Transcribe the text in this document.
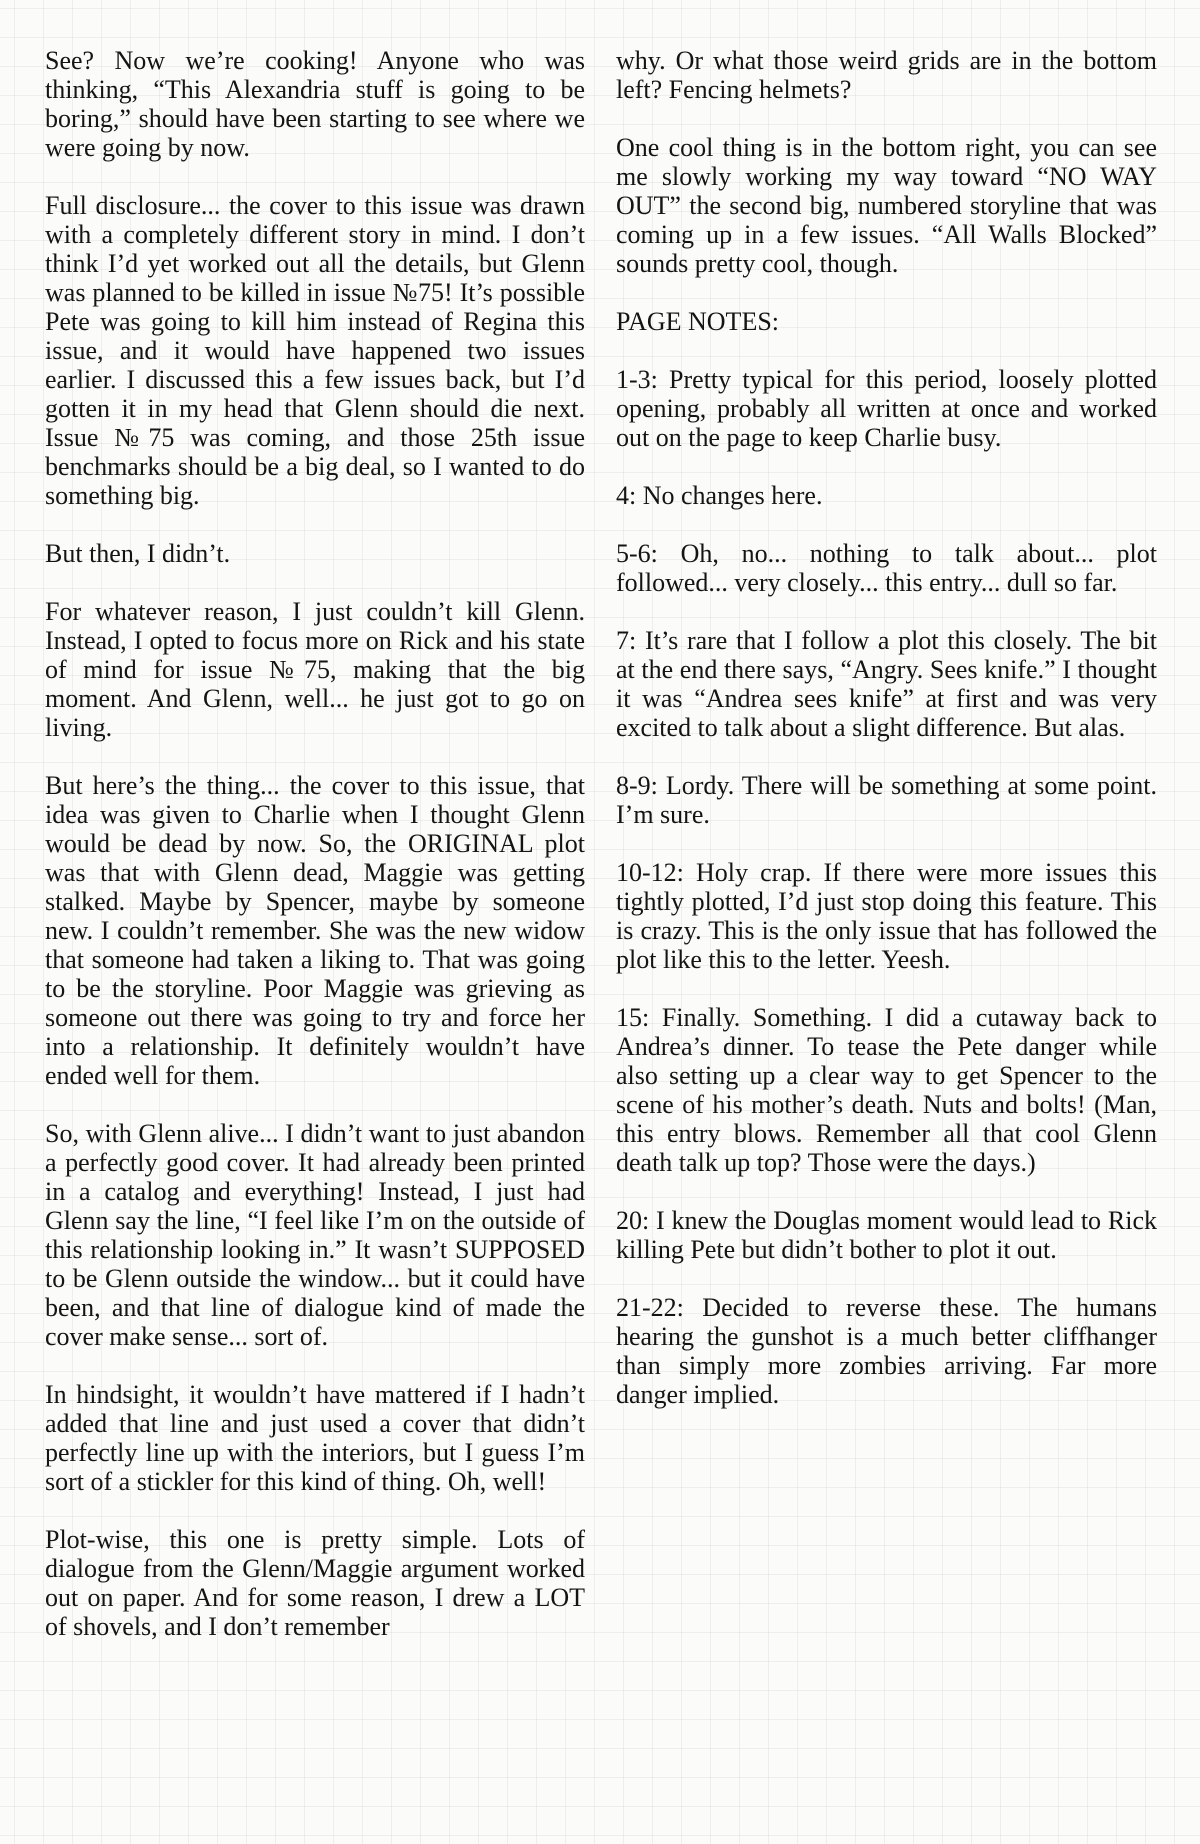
See? Now we’re cooking! Anyone who was thinking, “This Alexandria stuff is going to be boring,” should have been starting to see where we were going by now.

Full disclosure... the cover to this issue was drawn with a completely different story in mind. I don’t think I’d yet worked out all the details, but Glenn was planned to be killed in issue №75! It’s possible Pete was going to kill him instead of Regina this issue, and it would have happened two issues earlier. I discussed this a few issues back, but I’d gotten it in my head that Glenn should die next. Issue №75 was coming, and those 25th issue benchmarks should be a big deal, so I wanted to do something big.

But then, I didn’t.

For whatever reason, I just couldn’t kill Glenn. Instead, I opted to focus more on Rick and his state of mind for issue №75, making that the big moment. And Glenn, well... he just got to go on living.

But here’s the thing... the cover to this issue, that idea was given to Charlie when I thought Glenn would be dead by now. So, the ORIGINAL plot was that with Glenn dead, Maggie was getting stalked. Maybe by Spencer, maybe by someone new. I couldn’t remember. She was the new widow that someone had taken a liking to. That was going to be the storyline. Poor Maggie was grieving as someone out there was going to try and force her into a relationship. It definitely wouldn’t have ended well for them.

So, with Glenn alive... I didn’t want to just abandon a perfectly good cover. It had already been printed in a catalog and everything! Instead, I just had Glenn say the line, “I feel like I’m on the outside of this relationship looking in.” It wasn’t SUPPOSED to be Glenn outside the window... but it could have been, and that line of dialogue kind of made the cover make sense... sort of.

In hindsight, it wouldn’t have mattered if I hadn’t added that line and just used a cover that didn’t perfectly line up with the interiors, but I guess I’m sort of a stickler for this kind of thing. Oh, well!

Plot-wise, this one is pretty simple. Lots of dialogue from the Glenn/Maggie argument worked out on paper. And for some reason, I drew a LOT of shovels, and I don’t remember

why. Or what those weird grids are in the bottom left? Fencing helmets?

One cool thing is in the bottom right, you can see me slowly working my way toward “NO WAY OUT” the second big, numbered storyline that was coming up in a few issues. “All Walls Blocked” sounds pretty cool, though.

PAGE NOTES:

1-3: Pretty typical for this period, loosely plotted opening, probably all written at once and worked out on the page to keep Charlie busy.

4: No changes here.

5-6: Oh, no... nothing to talk about... plot followed... very closely... this entry... dull so far.

7: It’s rare that I follow a plot this closely. The bit at the end there says, “Angry. Sees knife.” I thought it was “Andrea sees knife” at first and was very excited to talk about a slight difference. But alas.

8-9: Lordy. There will be something at some point. I’m sure.

10-12: Holy crap. If there were more issues this tightly plotted, I’d just stop doing this feature. This is crazy. This is the only issue that has followed the plot like this to the letter. Yeesh.

15: Finally. Something. I did a cutaway back to Andrea’s dinner. To tease the Pete danger while also setting up a clear way to get Spencer to the scene of his mother’s death. Nuts and bolts! (Man, this entry blows. Remember all that cool Glenn death talk up top? Those were the days.)

20: I knew the Douglas moment would lead to Rick killing Pete but didn’t bother to plot it out.

21-22: Decided to reverse these. The humans hearing the gunshot is a much better cliffhanger than simply more zombies arriving. Far more danger implied.
